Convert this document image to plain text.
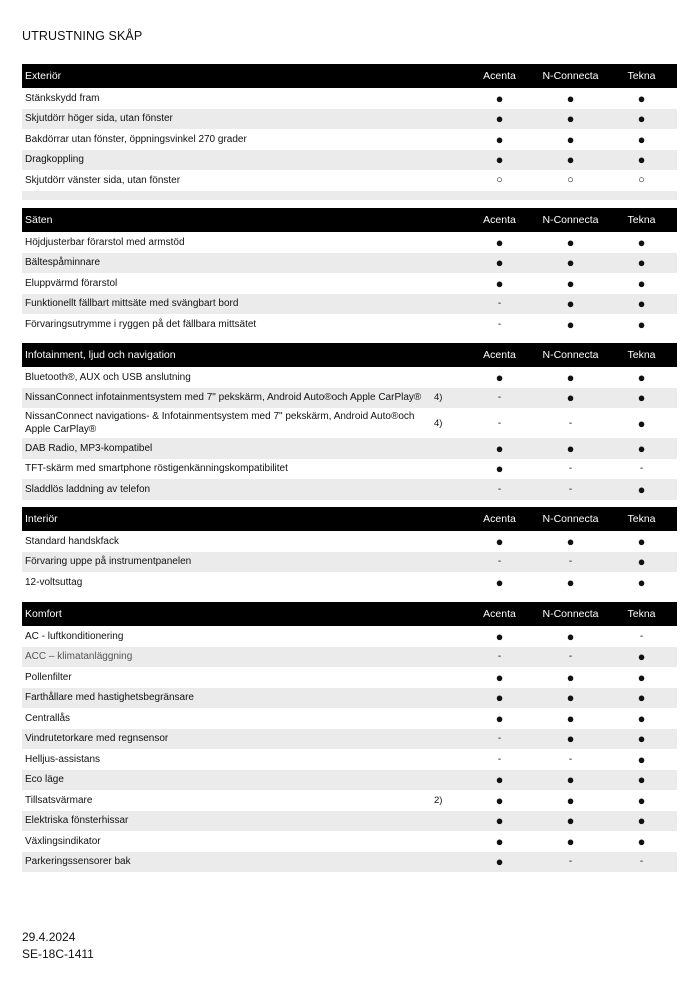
UTRUSTNING SKÅP
Exteriör	Acenta	N-Connecta	Tekna
Stänkskydd fram	●	●	●
Skjutdörr höger sida, utan fönster	●	●	●
Bakdörrar utan fönster, öppningsvinkel 270 grader	●	●	●
Dragkoppling	●	●	●
Skjutdörr vänster sida, utan fönster	○	○	○
Säten	Acenta	N-Connecta	Tekna
Höjdjusterbar förarstol med armstöd	●	●	●
Bältespåminnare	●	●	●
Eluppvärmd förarstol	●	●	●
Funktionellt fällbart mittsäte med svängbart bord	-	●	●
Förvaringsutrymme i ryggen på det fällbara mittsätet	-	●	●
Infotainment, ljud och navigation	Acenta	N-Connecta	Tekna
Bluetooth®, AUX och USB anslutning	●	●	●
NissanConnect infotainmentsystem med 7" pekskärm, Android Auto®och Apple CarPlay®	4)	-	●	●
NissanConnect navigations- & Infotainmentsystem med 7" pekskärm, Android Auto®och Apple CarPlay®
4)	-	-	●
DAB Radio, MP3-kompatibel	●	●	●
TFT-skärm med smartphone röstigenkänningskompatibilitet	●	-	-
Sladdlös laddning av telefon	-	-	●
Interiör	Acenta	N-Connecta	Tekna
Standard handskfack	●	●	●
Förvaring uppe på instrumentpanelen	-	-	●
12-voltsuttag	●	●	●
Komfort	Acenta	N-Connecta	Tekna
AC - luftkonditionering	●	●	-
ACC – klimatanläggning	-	-	●
Pollenfilter	●	●	●
Farthållare med hastighetsbegränsare	●	●	●
Centrallås	●	●	●
Vindrutetorkare med regnsensor	-	●	●
Helljus-assistans	-	-	●
Eco läge	●	●	●
Tillsatsvärmare	2)	●	●	●
Elektriska fönsterhissar	●	●	●
Växlingsindikator	●	●	●
Parkeringssensorer bak	●	-	-
29.4.2024
SE-18C-1411
